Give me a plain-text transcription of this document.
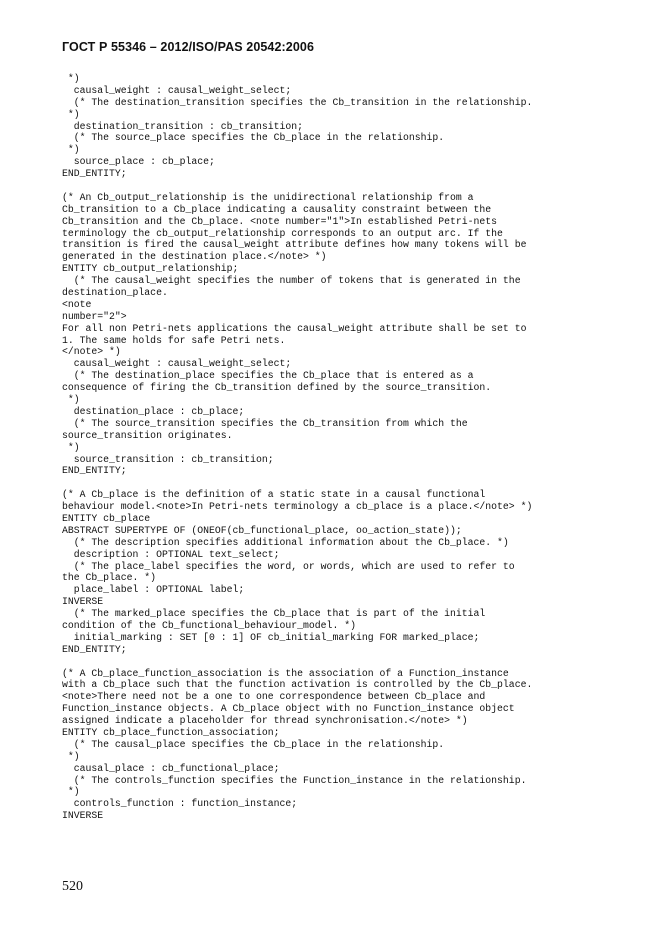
ГОСТ Р 55346 – 2012/ISO/PAS 20542:2006
*)
causal_weight : causal_weight_select;
(* The destination_transition specifies the Cb_transition in the relationship.
*)
destination_transition : cb_transition;
(* The source_place specifies the Cb_place in the relationship.
*)
source_place : cb_place;
END_ENTITY;

(* An Cb_output_relationship is the unidirectional relationship from a
Cb_transition to a Cb_place indicating a causality constraint between the
Cb_transition and the Cb_place. <note number="1">In established Petri-nets
terminology the cb_output_relationship corresponds to an output arc. If the
transition is fired the causal_weight attribute defines how many tokens will be
generated in the destination place.</note> *)
ENTITY cb_output_relationship;
(* The causal_weight specifies the number of tokens that is generated in the
destination_place.
<note
number="2">
For all non Petri-nets applications the causal_weight attribute shall be set to
1. The same holds for safe Petri nets.
</note> *)
causal_weight : causal_weight_select;
(* The destination_place specifies the Cb_place that is entered as a
consequence of firing the Cb_transition defined by the source_transition.
*)
destination_place : cb_place;
(* The source_transition specifies the Cb_transition from which the
source_transition originates.
*)
source_transition : cb_transition;
END_ENTITY;

(* A Cb_place is the definition of a static state in a causal functional
behaviour model.<note>In Petri-nets terminology a cb_place is a place.</note> *)
ENTITY cb_place
ABSTRACT SUPERTYPE OF (ONEOF(cb_functional_place, oo_action_state));
(* The description specifies additional information about the Cb_place. *)
description : OPTIONAL text_select;
(* The place_label specifies the word, or words, which are used to refer to
the Cb_place. *)
place_label : OPTIONAL label;
INVERSE
(* The marked_place specifies the Cb_place that is part of the initial
condition of the Cb_functional_behaviour_model. *)
initial_marking : SET [0 : 1] OF cb_initial_marking FOR marked_place;
END_ENTITY;

(* A Cb_place_function_association is the association of a Function_instance
with a Cb_place such that the function activation is controlled by the Cb_place.
<note>There need not be a one to one correspondence between Cb_place and
Function_instance objects. A Cb_place object with no Function_instance object
assigned indicate a placeholder for thread synchronisation.</note> *)
ENTITY cb_place_function_association;
(* The causal_place specifies the Cb_place in the relationship.
*)
causal_place : cb_functional_place;
(* The controls_function specifies the Function_instance in the relationship.
*)
controls_function : function_instance;
INVERSE
520
